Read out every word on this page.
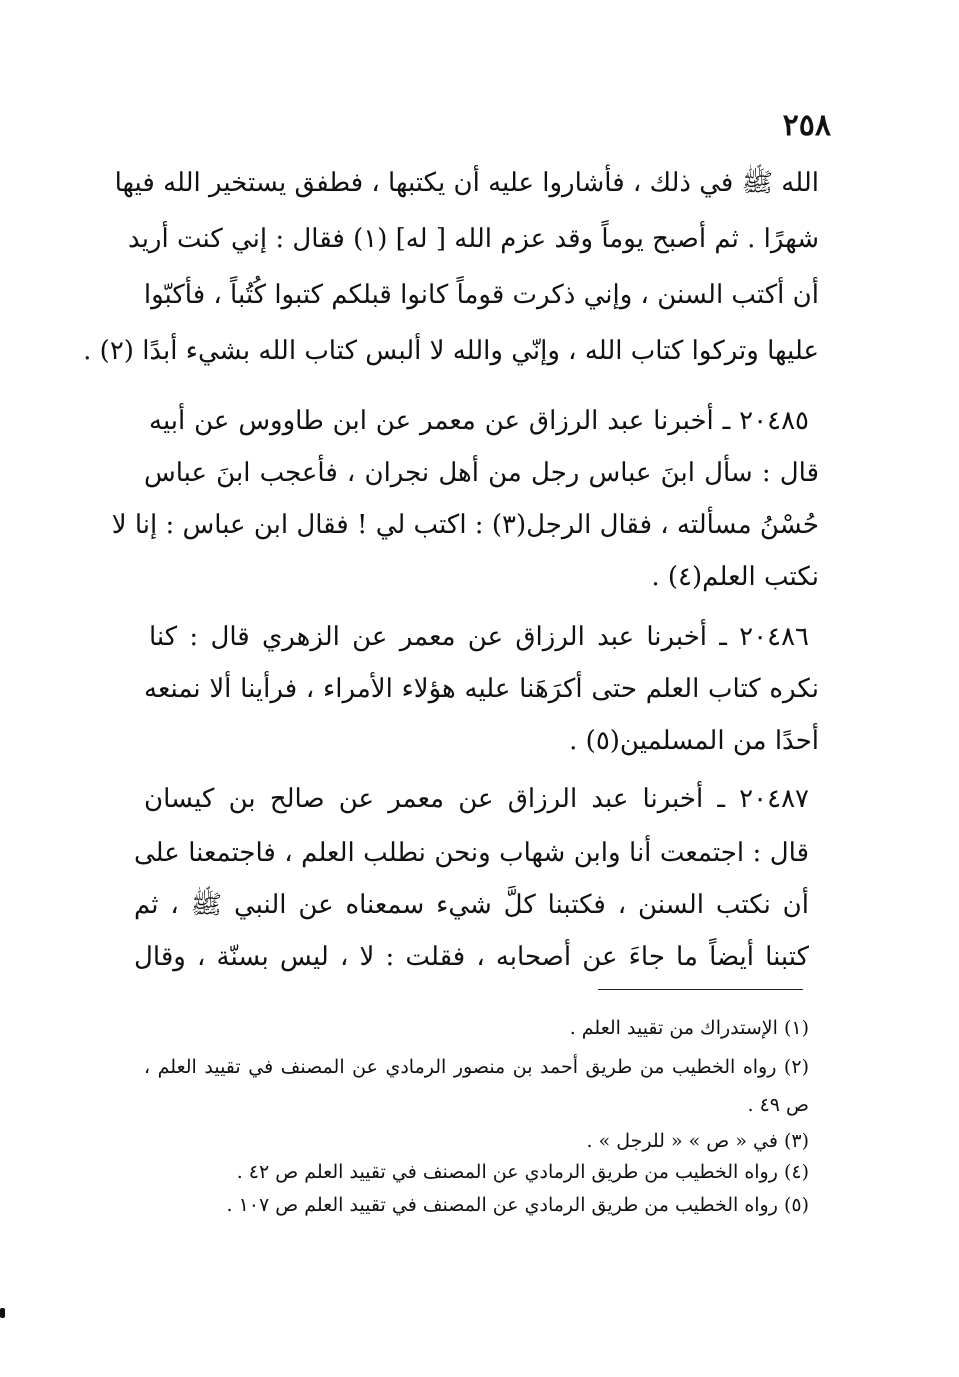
٢٥٨
الله ﷺ في ذلك ، فأشاروا عليه أن يكتبها ، فطفق يستخير الله فيها
شهرًا . ثم أصبح يوماً وقد عزم الله [ له] (١) فقال : إني كنت أريد
أن أكتب السنن ، وإني ذكرت قوماً كانوا قبلكم كتبوا كُتُباً ، فأكبّوا
عليها وتركوا كتاب الله ، وإنّي والله لا ألبس كتاب الله بشيء أبدًا (٢) .
٢٠٤٨٥ ـ أخبرنا عبد الرزاق عن معمر عن ابن طاووس عن أبيه
قال : سأل ابنَ عباس رجل من أهل نجران ، فأعجب ابنَ عباس
حُسْنُ مسألته ، فقال الرجل(٣) : اكتب لي ! فقال ابن عباس : إنا لا
نكتب العلم(٤) .
٢٠٤٨٦ ـ أخبرنا عبد الرزاق عن معمر عن الزهري قال : كنا
نكره كتاب العلم حتى أكرَهَنا عليه هؤلاء الأمراء ، فرأينا ألا نمنعه
أحدًا من المسلمين(٥) .
٢٠٤٨٧ ـ أخبرنا عبد الرزاق عن معمر عن صالح بن كيسان
قال : اجتمعت أنا وابن شهاب ونحن نطلب العلم ، فاجتمعنا على
أن نكتب السنن ، فكتبنا كلَّ شيء سمعناه عن النبي ﷺ ، ثم
كتبنا أيضاً ما جاءَ عن أصحابه ، فقلت : لا ، ليس بسنّة ، وقال
(١) الإستدراك من تقييد العلم .
(٢) رواه الخطيب من طريق أحمد بن منصور الرمادي عن المصنف في تقييد العلم ،
ص ٤٩ .
(٣) في « ص » « للرجل » .
(٤) رواه الخطيب من طريق الرمادي عن المصنف في تقييد العلم ص ٤٢ .
(٥) رواه الخطيب من طريق الرمادي عن المصنف في تقييد العلم ص ١٠٧ .
